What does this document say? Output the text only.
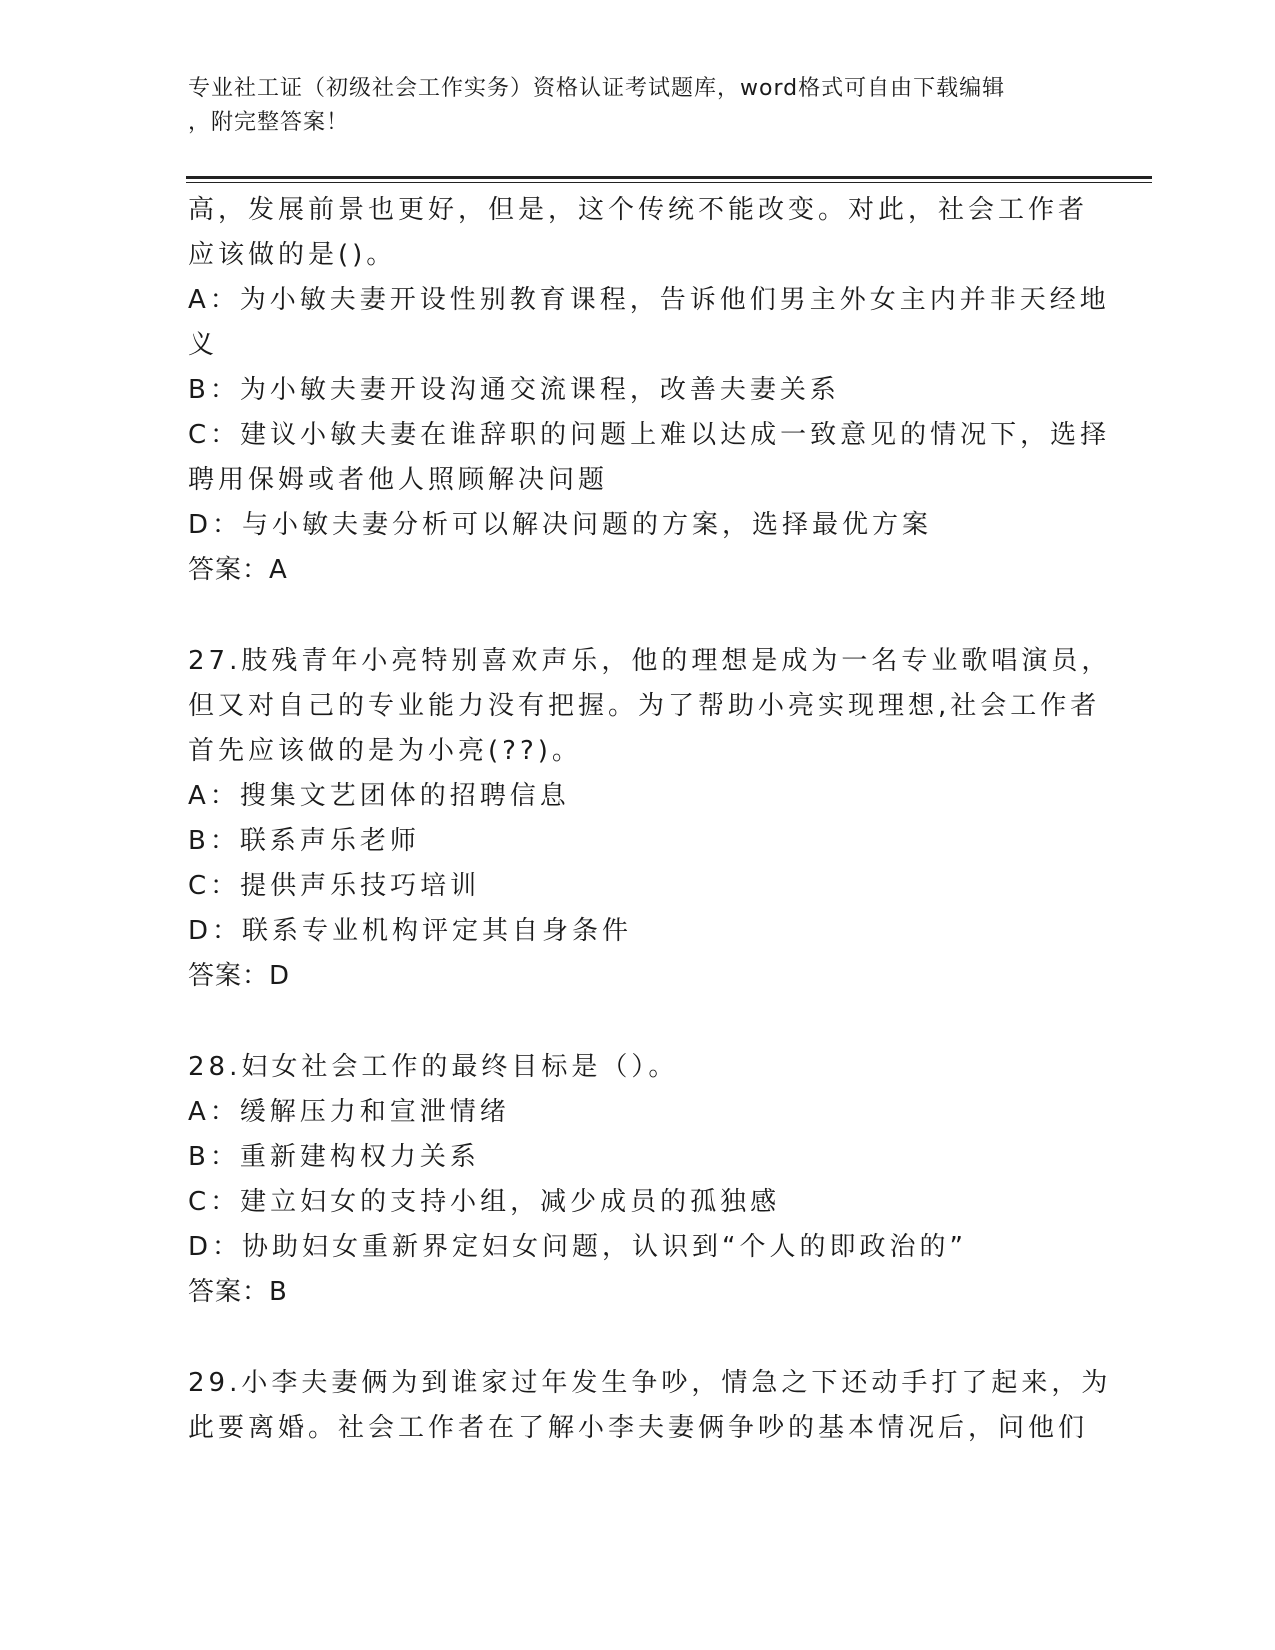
专业社工证（初级社会工作实务）资格认证考试题库，word格式可自由下载编辑
，附完整答案！
高，发展前景也更好，但是，这个传统不能改变。对此，社会工作者
应该做的是()。
A：为小敏夫妻开设性别教育课程，告诉他们男主外女主内并非天经地
义
B：为小敏夫妻开设沟通交流课程，改善夫妻关系
C：建议小敏夫妻在谁辞职的问题上难以达成一致意见的情况下，选择
聘用保姆或者他人照顾解决问题
D：与小敏夫妻分析可以解决问题的方案，选择最优方案
答案：A
27.肢残青年小亮特别喜欢声乐，他的理想是成为一名专业歌唱演员，
但又对自己的专业能力没有把握。为了帮助小亮实现理想,社会工作者
首先应该做的是为小亮(??)。
A：搜集文艺团体的招聘信息
B：联系声乐老师
C：提供声乐技巧培训
D：联系专业机构评定其自身条件
答案：D
28.妇女社会工作的最终目标是（）。
A：缓解压力和宣泄情绪
B：重新建构权力关系
C：建立妇女的支持小组，减少成员的孤独感
D：协助妇女重新界定妇女问题，认识到“个人的即政治的”
答案：B
29.小李夫妻俩为到谁家过年发生争吵，情急之下还动手打了起来，为
此要离婚。社会工作者在了解小李夫妻俩争吵的基本情况后，问他们
